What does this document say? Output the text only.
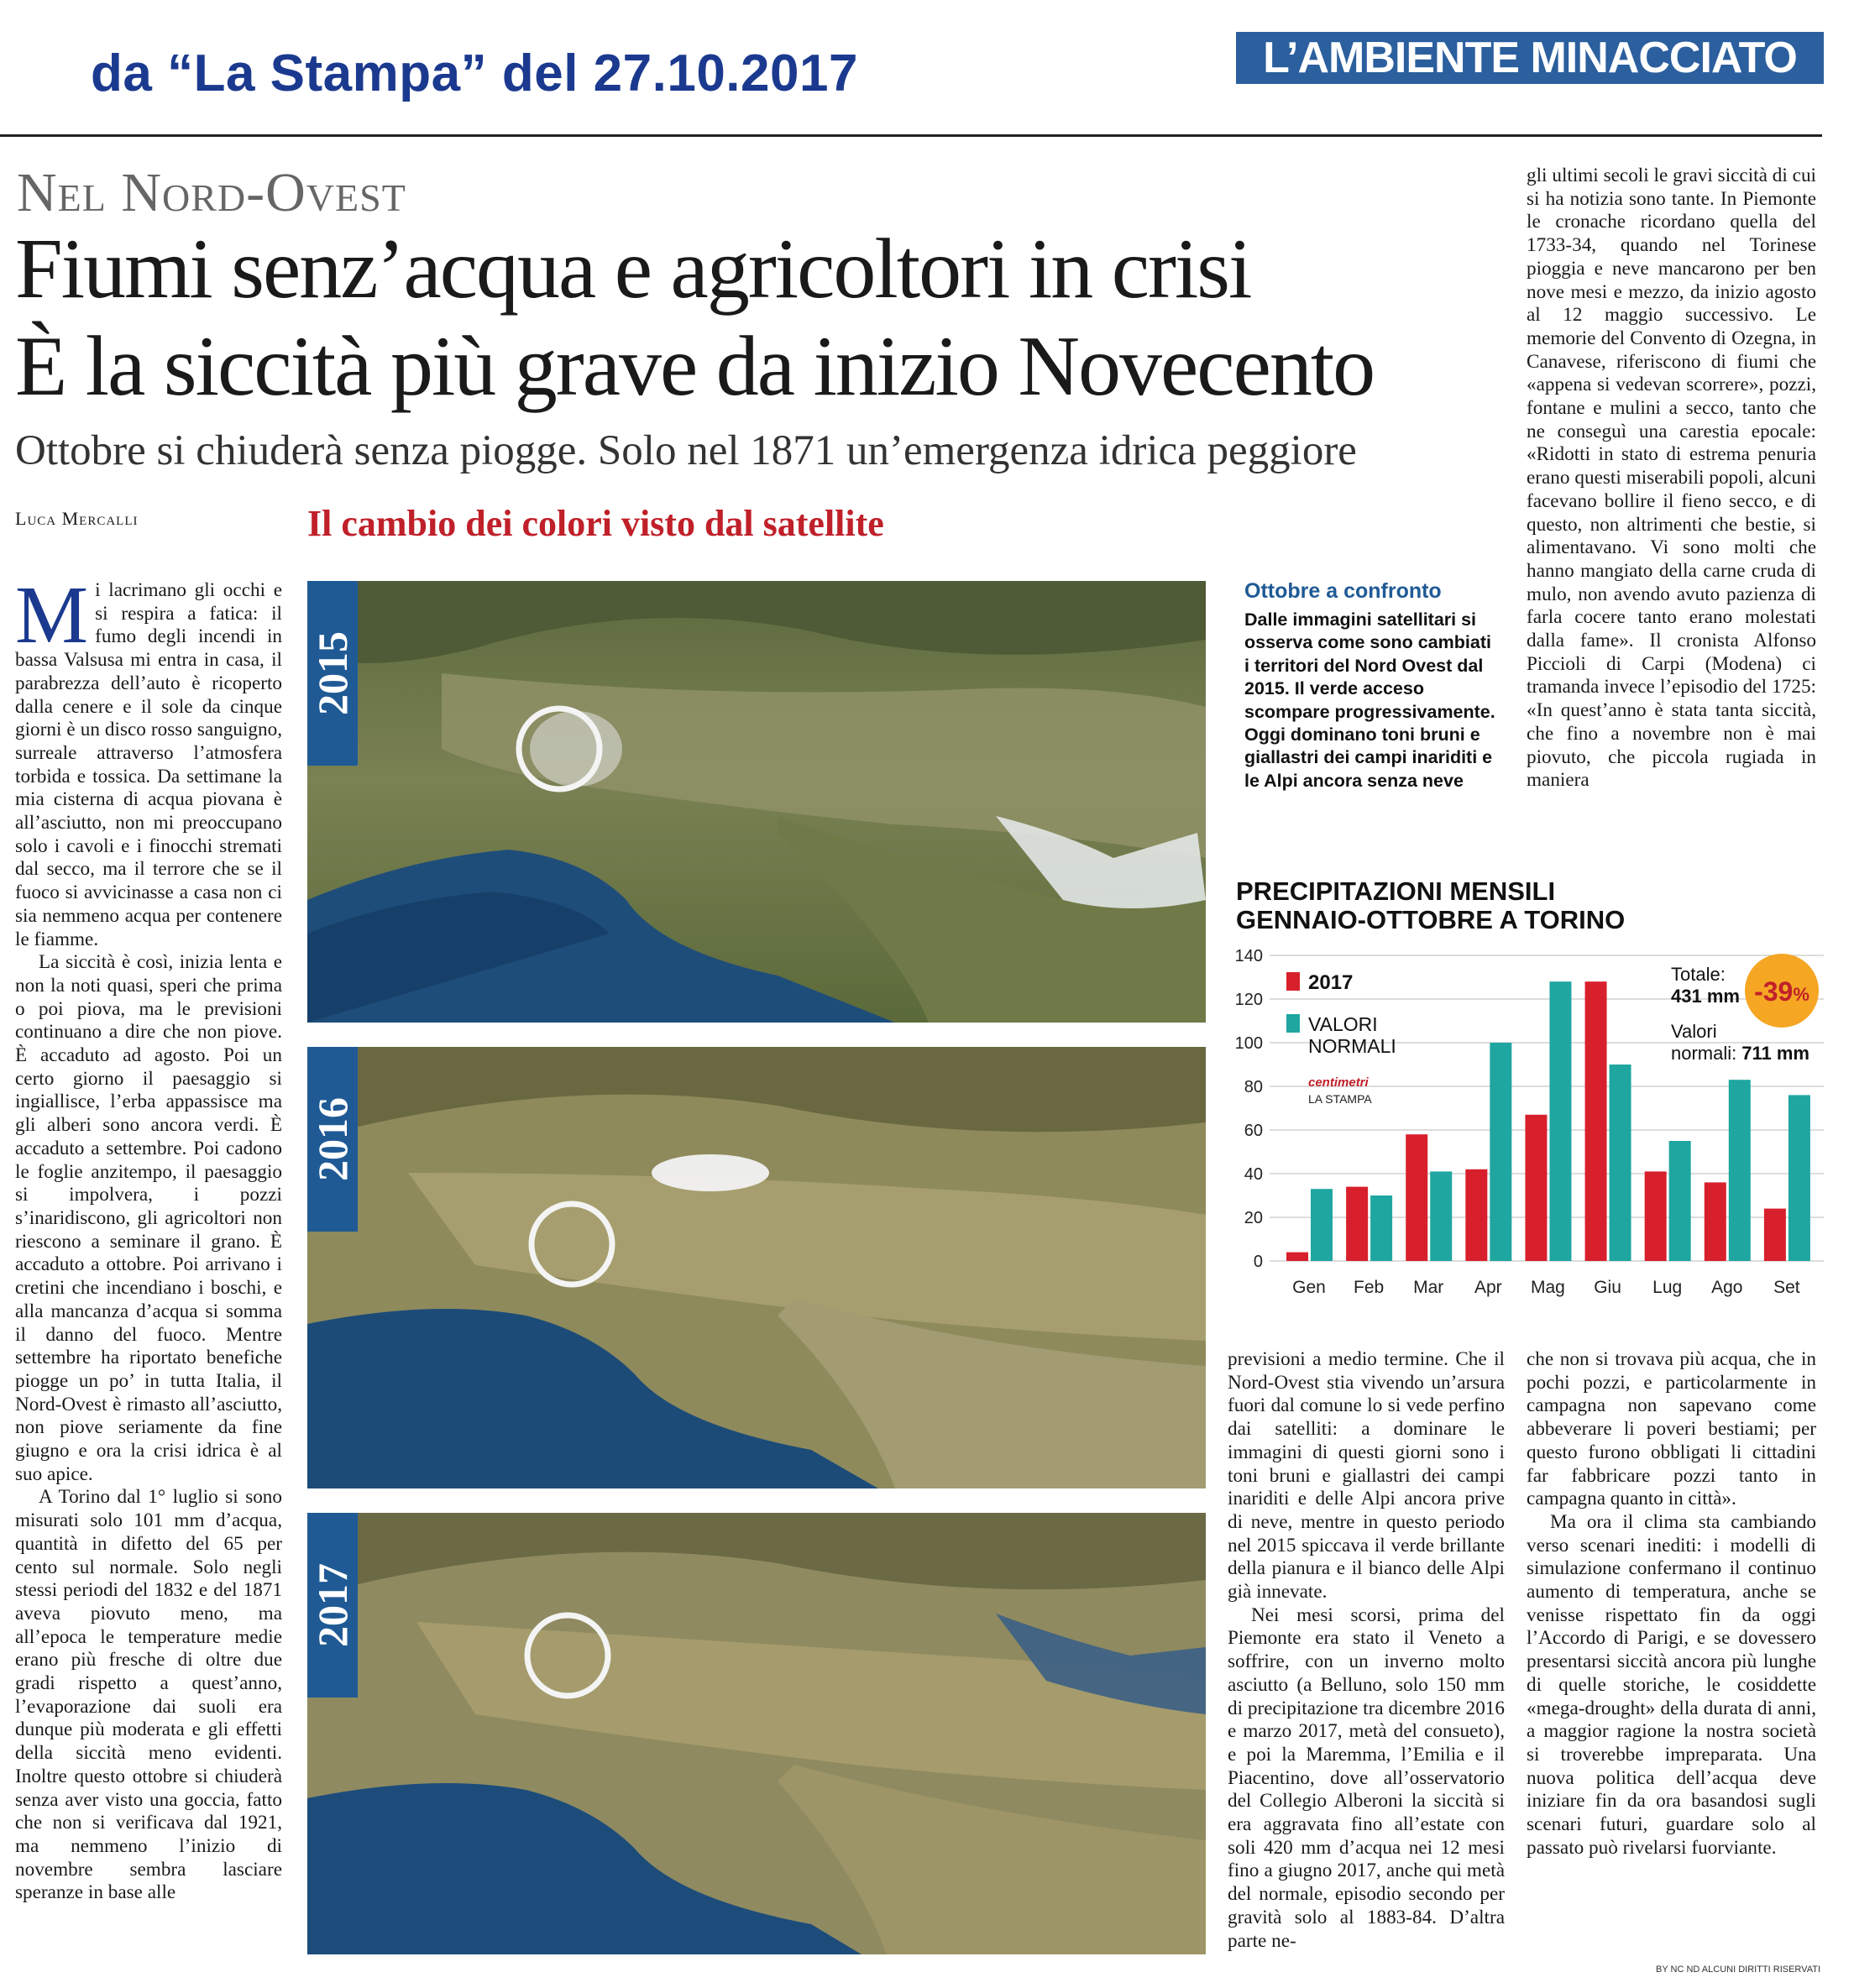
da “La Stampa” del 27.10.2017	L’AMBIENTE MINACCIATO
Nel Nord-Ovest
Fiumi senz’acqua e agricoltori in crisi
È la siccità più grave da inizio Novecento
Ottobre si chiuderà senza piogge. Solo nel 1871 un’emergenza idrica peggiore
Luca Mercalli	Il cambio dei colori visto dal satellite

Mi lacrimano gli occhi e si respira a fatica: il fumo degli incendi in bassa Valsusa mi entra in casa, il parabrezza dell’auto è ricoperto dalla cenere e il sole da cinque giorni è un disco rosso sanguigno, surreale attraverso l’atmosfera torbida e tossica. Da settimane la mia cisterna di acqua piovana è all’asciutto, non mi preoccupano solo i cavoli e i finocchi stremati dal secco, ma il terrore che se il fuoco si avvicinasse a casa non ci sia nemmeno acqua per contenere le fiamme.

La siccità è così, inizia lenta e non la noti quasi, speri che prima o poi piova, ma le previsioni continuano a dire che non piove. È accaduto ad agosto. Poi un certo giorno il paesaggio si ingiallisce, l’erba appassisce ma gli alberi sono ancora verdi. È accaduto a settembre. Poi cadono le foglie anzitempo, il paesaggio si impolvera, i pozzi s’inaridiscono, gli agricoltori non riescono a seminare il grano. È accaduto a ottobre. Poi arrivano i cretini che incendiano i boschi, e alla mancanza d’acqua si somma il danno del fuoco. Mentre settembre ha riportato benefiche piogge un po’ in tutta Italia, il Nord-Ovest è rimasto all’asciutto, non piove seriamente da fine giugno e ora la crisi idrica è al suo apice.

A Torino dal 1° luglio si sono misurati solo 101 mm d’acqua, quantità in difetto del 65 per cento sul normale. Solo negli stessi periodi del 1832 e del 1871 aveva piovuto meno, ma all’epoca le temperature medie erano più fresche di oltre due gradi rispetto a quest’anno, l’evaporazione dai suoli era dunque più moderata e gli effetti della siccità meno evidenti. Inoltre questo ottobre si chiuderà senza aver visto una goccia, fatto che non si verificava dal 1921, ma nemmeno l’inizio di novembre sembra lasciare speranze in base alle

2015
2016
2017
Ottobre a confronto
Dalle immagini satellitari si osserva come sono cambiati i territori del Nord Ovest dal 2015. Il verde acceso scompare progressivamente. Oggi dominano toni bruni e giallastri dei campi inariditi e le Alpi ancora senza neve

gli ultimi secoli le gravi siccità di cui si ha notizia sono tante. In Piemonte le cronache ricordano quella del 1733-34, quando nel Torinese pioggia e neve mancarono per ben nove mesi e mezzo, da inizio agosto al 12 maggio successivo. Le memorie del Convento di Ozegna, in Canavese, riferiscono di fiumi che «appena si vedevan scorrere», pozzi, fontane e mulini a secco, tanto che ne conseguì una carestia epocale: «Ridotti in stato di estrema penuria erano questi miserabili popoli, alcuni facevano bollire il fieno secco, e di questo, non altrimenti che bestie, si alimentavano. Vi sono molti che hanno mangiato della carne cruda di mulo, non avendo avuto pazienza di farla cocere tanto erano molestati dalla fame». Il cronista Alfonso Piccioli di Carpi (Modena) ci tramanda invece l’episodio del 1725: «In quest’anno è stata tanta siccità, che fino a novembre non è mai piovuto, che piccola rugiada in maniera

PRECIPITAZIONI MENSILI
GENNAIO-OTTOBRE A TORINO
0
20
40
60
80
100
120
140
Gen Feb Mar Apr Mag Giu Lug Ago Set
2017
VALORI
NORMALI
centimetri
LA STAMPA
Totale:
431 mm -39%
Valori
normali: 711 mm

previsioni a medio termine. Che il Nord-Ovest stia vivendo un’arsura fuori dal comune lo si vede perfino dai satelliti: a dominare le immagini di questi giorni sono i toni bruni e giallastri dei campi inariditi e delle Alpi ancora prive di neve, mentre in questo periodo nel 2015 spiccava il verde brillante della pianura e il bianco delle Alpi già innevate.

Nei mesi scorsi, prima del Piemonte era stato il Veneto a soffrire, con un inverno molto asciutto (a Belluno, solo 150 mm di precipitazione tra dicembre 2016 e marzo 2017, metà del consueto), e poi la Maremma, l’Emilia e il Piacentino, dove all’osservatorio del Collegio Alberoni la siccità si era aggravata fino all’estate con soli 420 mm d’acqua nei 12 mesi fino a giugno 2017, anche qui metà del normale, episodio secondo per gravità solo al 1883-84. D’altra parte ne-

che non si trovava più acqua, che in pochi pozzi, e particolarmente in campagna non sapevano come abbeverare li poveri bestiami; per questo furono obbligati li cittadini far fabbricare pozzi tanto in campagna quanto in città».

Ma ora il clima sta cambiando verso scenari inediti: i modelli di simulazione confermano il continuo aumento di temperatura, anche se venisse rispettato fin da oggi l’Accordo di Parigi, e se dovessero presentarsi siccità ancora più lunghe di quelle storiche, le cosiddette «mega-drought» della durata di anni, a maggior ragione la nostra società si troverebbe impreparata. Una nuova politica dell’acqua deve iniziare fin da ora basandosi sugli scenari futuri, guardare solo al passato può rivelarsi fuorviante.

BY NC ND ALCUNI DIRITTI RISERVATI
